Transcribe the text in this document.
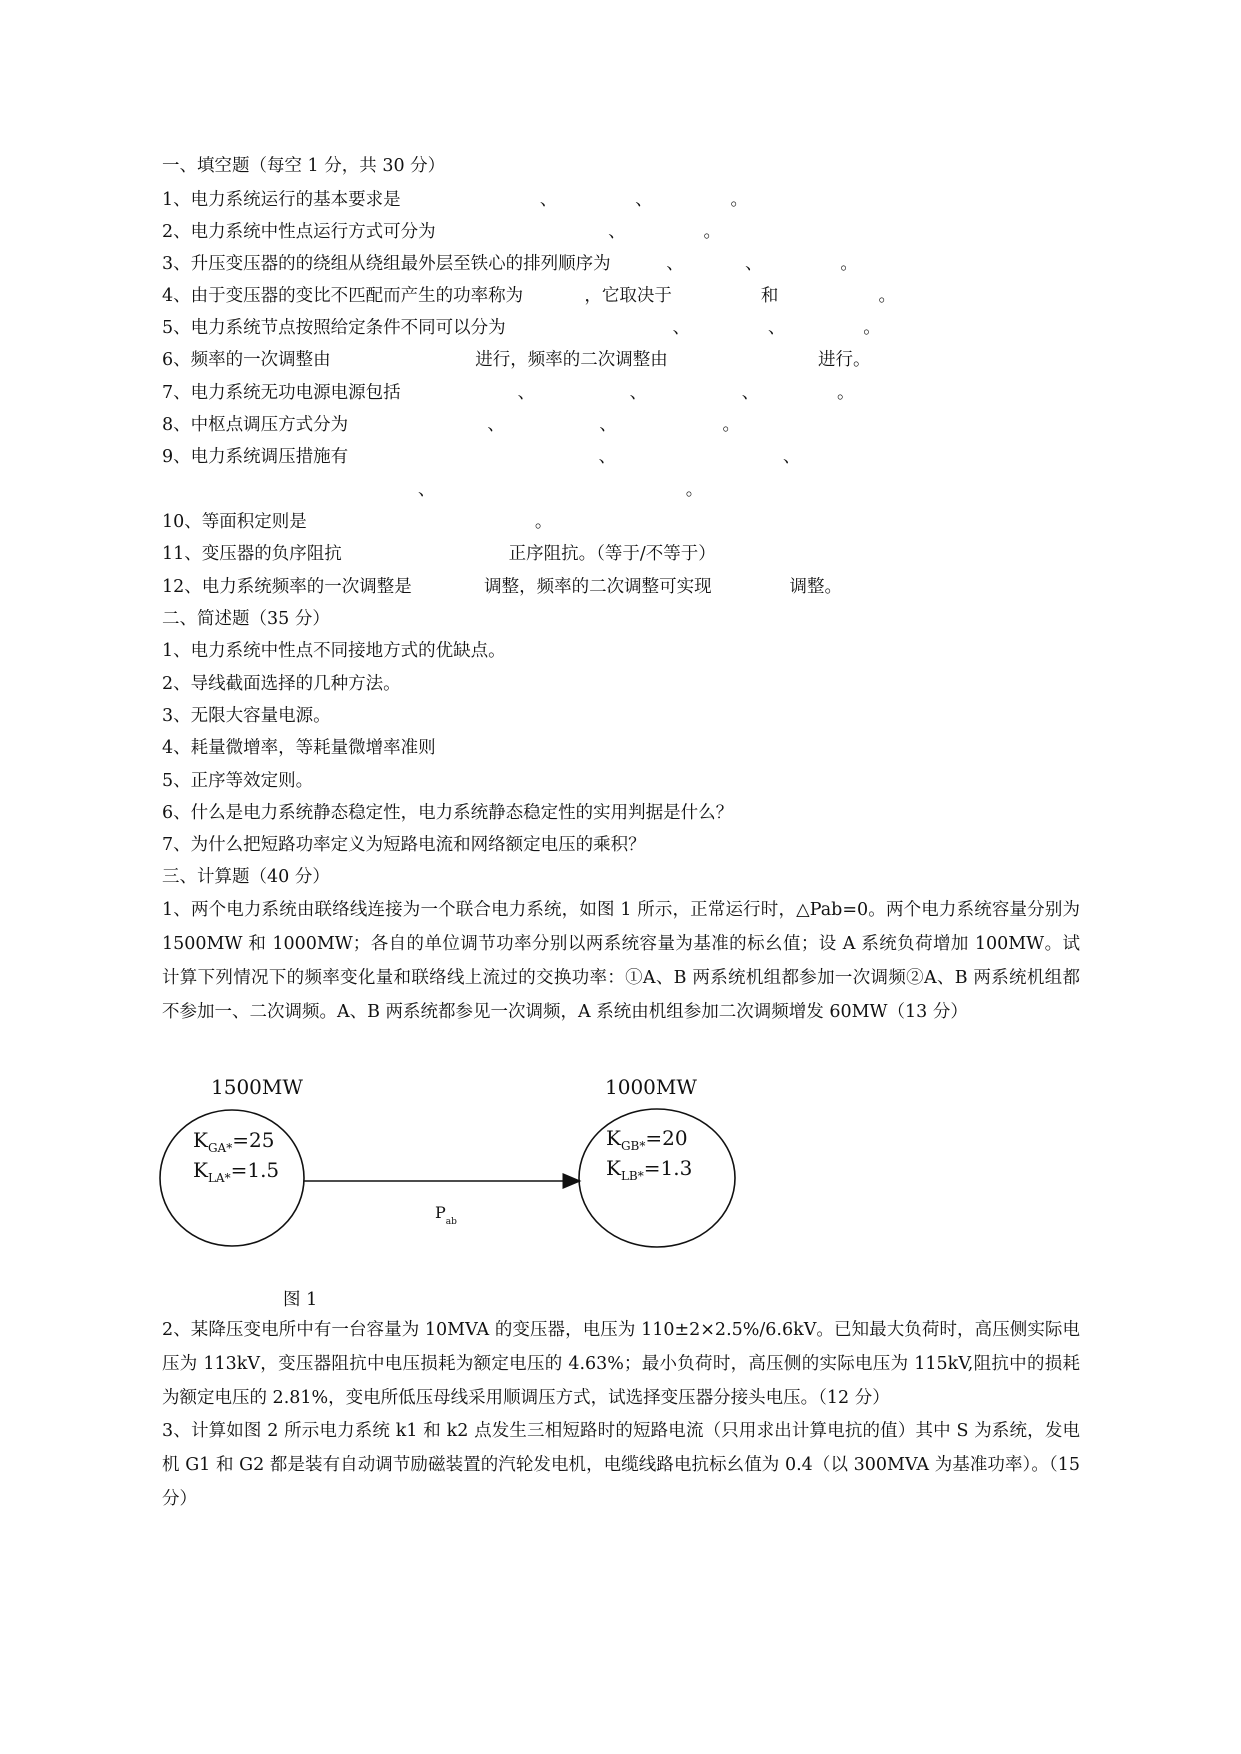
一、填空题（每空 1 分，共 30 分）
1、电力系统运行的基本要求是                         、              、              。
2、电力系统中性点运行方式可分为                               、              。
3、升压变压器的的绕组从绕组最外层至铁心的排列顺序为          、           、              。
4、由于变压器的变比不匹配而产生的功率称为           ，它取决于                和                  。
5、电力系统节点按照给定条件不同可以分为                              、              、              。
6、频率的一次调整由                          进行，频率的二次调整由                           进行。
7、电力系统无功电源电源包括                     、                 、                 、              。
8、中枢点调压方式分为                         、                 、                   。
9、电力系统调压措施有                                             、                              、
、                                             。
10、等面积定则是                                         。
11、变压器的负序阻抗                              正序阻抗。（等于/不等于）
12、电力系统频率的一次调整是             调整，频率的二次调整可实现              调整。
二、简述题（35 分）
1、电力系统中性点不同接地方式的优缺点。
2、导线截面选择的几种方法。
3、无限大容量电源。
4、耗量微增率，等耗量微增率准则
5、正序等效定则。
6、什么是电力系统静态稳定性，电力系统静态稳定性的实用判据是什么？
7、为什么把短路功率定义为短路电流和网络额定电压的乘积？
三、计算题（40 分）
1、两个电力系统由联络线连接为一个联合电力系统，如图 1 所示，正常运行时，△Pab=0。两个电力系统容量分别为 1500MW 和 1000MW；各自的单位调节功率分别以两系统容量为基准的标幺值；设 A 系统负荷增加 100MW。试计算下列情况下的频率变化量和联络线上流过的交换功率：①A、B 两系统机组都参加一次调频②A、B 两系统机组都不参加一、二次调频。A、B 两系统都参见一次调频，A 系统由机组参加二次调频增发 60MW（13 分）
1500MW
$K_{GA*}=25$
$K_{LA*}=1.5$
1000MW
$K_{GB*}=20$
$K_{LB*}=1.3$
$P_{ab}$
图 1
2、某降压变电所中有一台容量为 10MVA 的变压器，电压为 110±2×2.5%/6.6kV。已知最大负荷时，高压侧实际电压为 113kV，变压器阻抗中电压损耗为额定电压的 4.63%；最小负荷时，高压侧的实际电压为 115kV,阻抗中的损耗为额定电压的 2.81%，变电所低压母线采用顺调压方式，试选择变压器分接头电压。（12 分）
3、计算如图 2 所示电力系统 k1 和 k2 点发生三相短路时的短路电流（只用求出计算电抗的值）其中 S 为系统，发电机 G1 和 G2 都是装有自动调节励磁装置的汽轮发电机，电缆线路电抗标幺值为 0.4（以 300MVA 为基准功率）。（15 分）
